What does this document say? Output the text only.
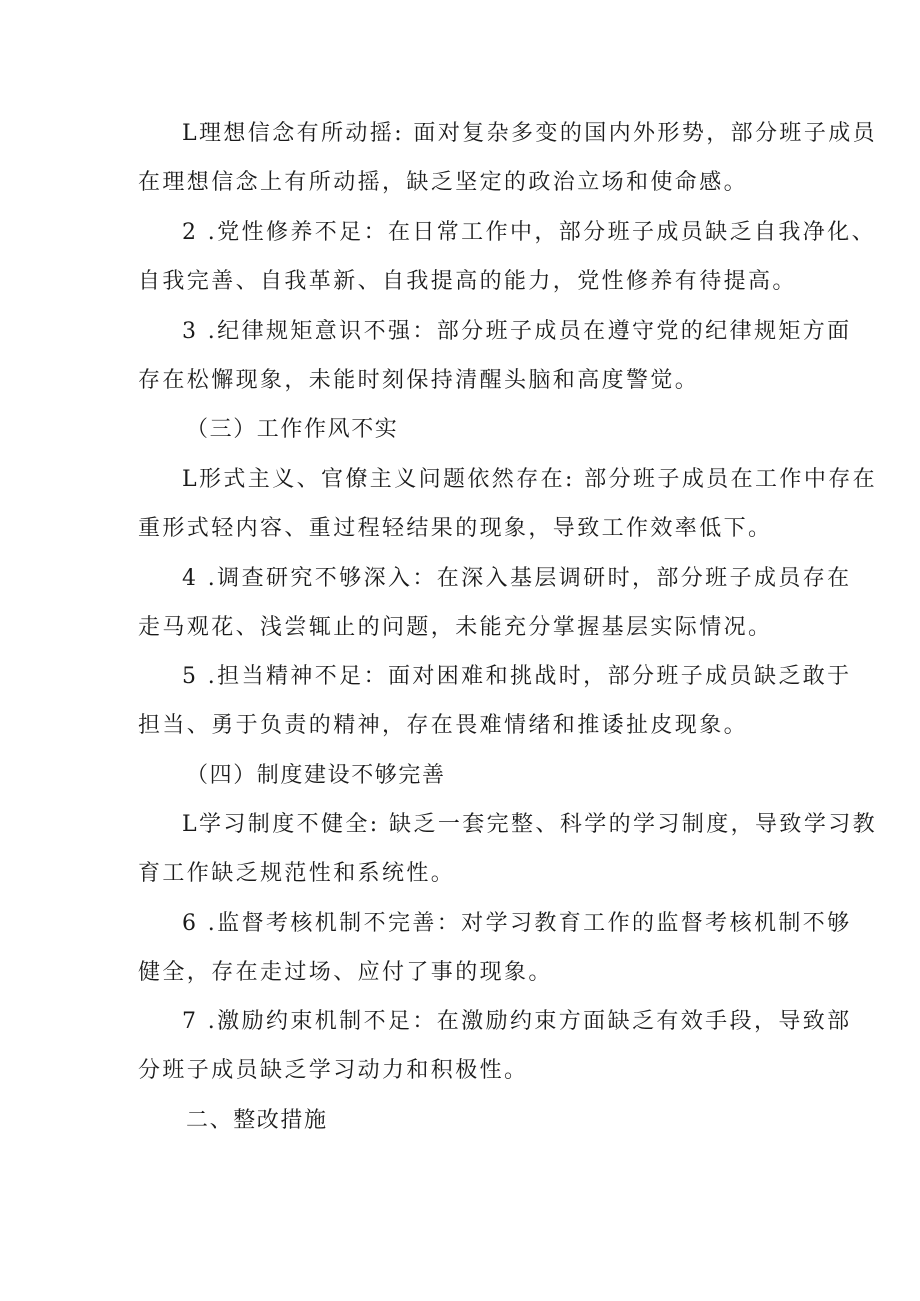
L理想信念有所动摇: 面对复杂多变的国内外形势，部分班子成员
在理想信念上有所动摇，缺乏坚定的政治立场和使命感。
2 .党性修养不足：在日常工作中，部分班子成员缺乏自我净化、
自我完善、自我革新、自我提高的能力，党性修养有待提高。
3 .纪律规矩意识不强：部分班子成员在遵守党的纪律规矩方面
存在松懈现象，未能时刻保持清醒头脑和高度警觉。
（三）工作作风不实
L形式主义、官僚主义问题依然存在: 部分班子成员在工作中存在
重形式轻内容、重过程轻结果的现象，导致工作效率低下。
4 .调查研究不够深入：在深入基层调研时，部分班子成员存在
走马观花、浅尝辄止的问题，未能充分掌握基层实际情况。
5 .担当精神不足：面对困难和挑战时，部分班子成员缺乏敢于
担当、勇于负责的精神，存在畏难情绪和推诿扯皮现象。
（四）制度建设不够完善
L学习制度不健全: 缺乏一套完整、科学的学习制度，导致学习教
育工作缺乏规范性和系统性。
6 .监督考核机制不完善：对学习教育工作的监督考核机制不够
健全，存在走过场、应付了事的现象。
7 .激励约束机制不足：在激励约束方面缺乏有效手段，导致部
分班子成员缺乏学习动力和积极性。
二、整改措施
